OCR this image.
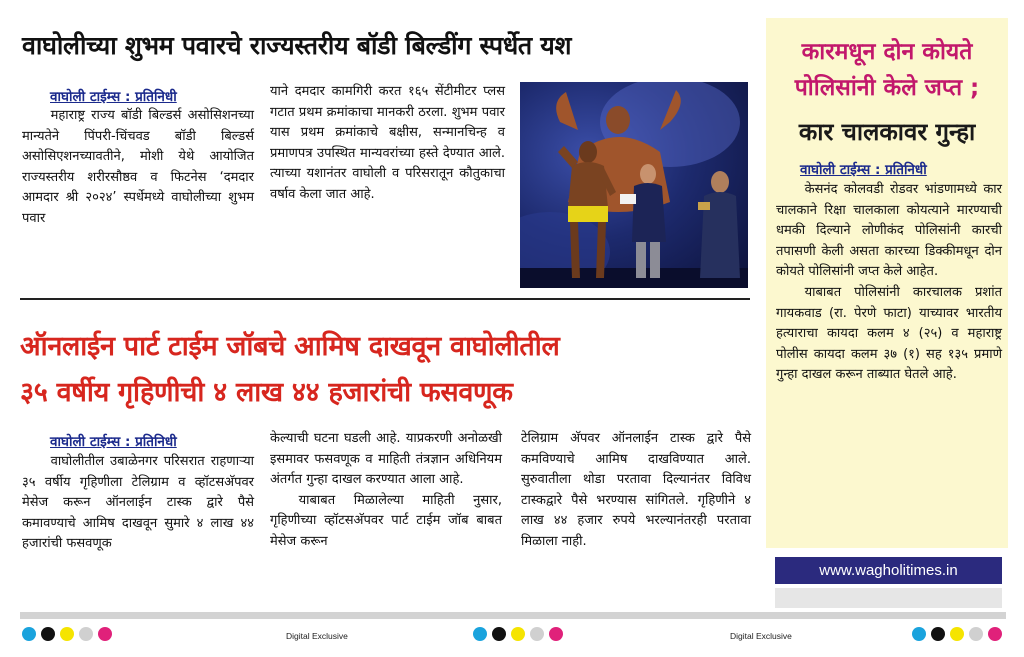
वाघोलीच्या शुभम पवारचे राज्यस्तरीय बॉडी बिल्डींग स्पर्धेत यश
वाघोली टाईम्स : प्रतिनिधी

महाराष्ट्र राज्य बॉडी बिल्डर्स असोसिशनच्या मान्यतेने पिंपरी-चिंचवड बॉडी बिल्डर्स असोसिएशनच्यावतीने, मोशी येथे आयोजित राज्यस्तरीय शरीरसौष्ठव व फिटनेस ‘दमदार आमदार श्री २०२४’ स्पर्धेमध्ये वाघोलीच्या शुभम पवार

याने दमदार कामगिरी करत १६५ सेंटीमीटर प्लस गटात प्रथम क्रमांकाचा मानकरी ठरला. शुभम पवार यास प्रथम क्रमांकाचे बक्षीस, सन्मानचिन्ह व प्रमाणपत्र उपस्थित मान्यवरांच्या हस्ते देण्यात आले. त्याच्या यशानंतर वाघोली व परिसरातून कौतुकाचा वर्षाव केला जात आहे.

ऑनलाईन पार्ट टाईम जॉबचे आमिष दाखवून वाघोलीतील
३५ वर्षीय गृहिणीची ४ लाख ४४ हजारांची फसवणूक
वाघोली टाईम्स : प्रतिनिधी

वाघोलीतील उबाळेनगर परिसरात राहणाऱ्या ३५ वर्षीय गृहिणीला टेलिग्राम व व्हॉटसअ‍ॅपवर मेसेज करून ऑनलाईन टास्क द्वारे पैसे कमावण्याचे आमिष दाखवून सुमारे ४ लाख ४४ हजारांची फसवणूक

केल्याची घटना घडली आहे. याप्रकरणी अनोळखी इसमावर फसवणूक व माहिती तंत्रज्ञान अधिनियम अंतर्गत गुन्हा दाखल करण्यात आला आहे.

याबाबत मिळालेल्या माहिती नुसार, गृहिणीच्या व्हॉटसअ‍ॅपवर पार्ट टाईम जॉब बाबत मेसेज करून

टेलिग्राम अ‍ॅपवर ऑनलाईन टास्क द्वारे पैसे कमविण्याचे आमिष दाखविण्यात आले. सुरुवातीला थोडा परतावा दिल्यानंतर विविध टास्कद्वारे पैसे भरण्यास सांगितले. गृहिणीने ४ लाख ४४ हजार रुपये भरल्यानंतरही परतावा मिळाला नाही.

कारमधून दोन कोयते
पोलिसांनी केले जप्त ;
कार चालकावर गुन्हा
वाघोली टाईम्स : प्रतिनिधी

केसनंद कोलवडी रोडवर भांडणामध्ये कार चालकाने रिक्षा चालकाला कोयत्याने मारण्याची धमकी दिल्याने लोणीकंद पोलिसांनी कारची तपासणी केली असता कारच्या डिक्कीमधून दोन कोयते पोलिसांनी जप्त केले आहेत.

याबाबत पोलिसांनी कारचालक प्रशांत गायकवाड (रा. पेरणे फाटा) याच्यावर भारतीय हत्याराचा कायदा कलम ४ (२५) व महाराष्ट्र पोलीस कायदा कलम ३७ (१) सह १३५ प्रमाणे गुन्हा दाखल करून ताब्यात घेतले आहे.

www.wagholitimes.in
Digital Exclusive	Digital Exclusive
